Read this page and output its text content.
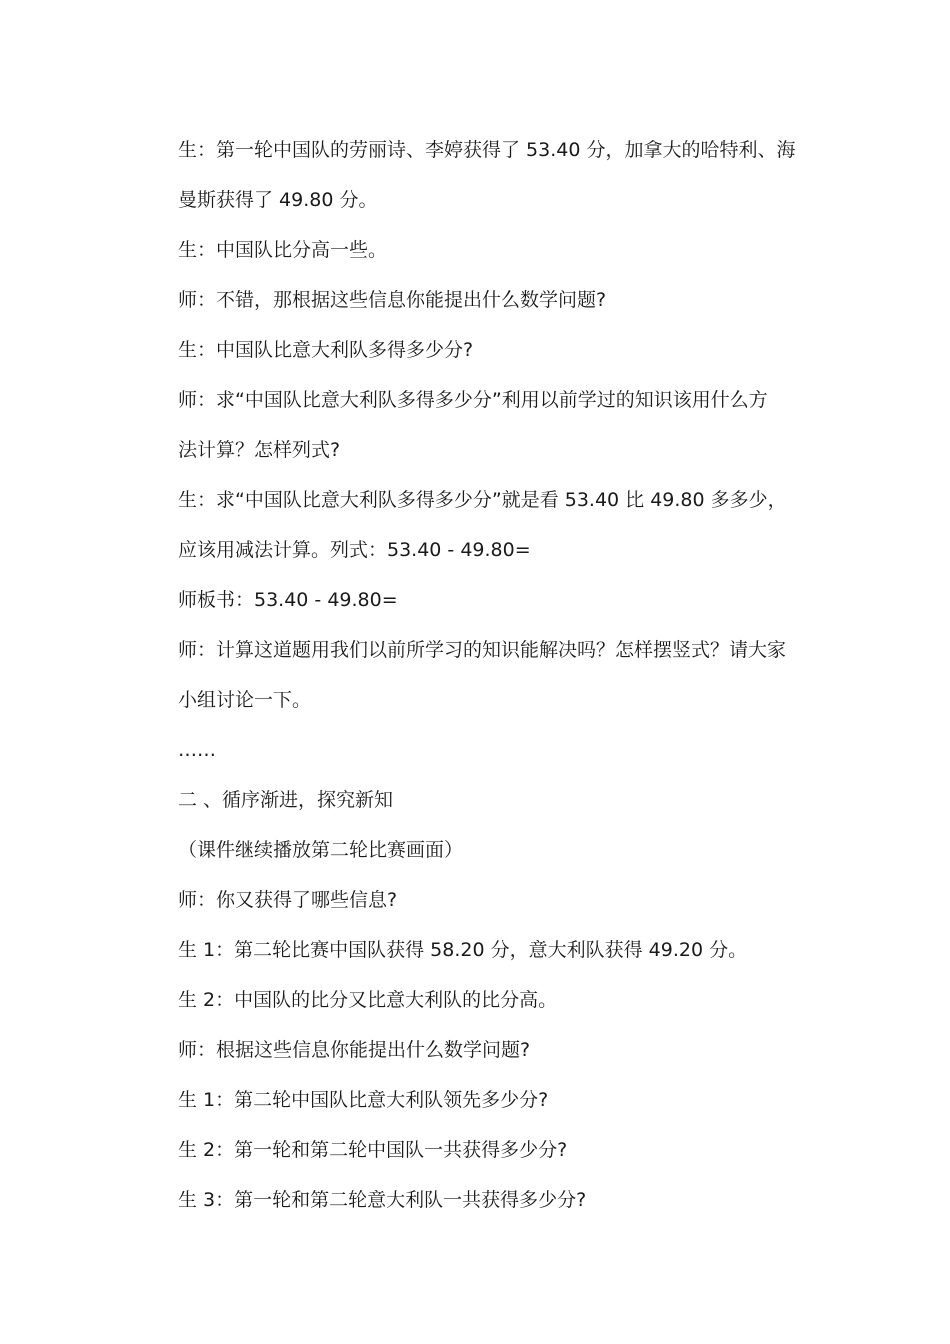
生：第一轮中国队的劳丽诗、李婷获得了 53.40 分，加拿大的哈特利、海

曼斯获得了 49.80 分。

生：中国队比分高一些。

师：不错，那根据这些信息你能提出什么数学问题?

生：中国队比意大利队多得多少分?

师：求“中国队比意大利队多得多少分”利用以前学过的知识该用什么方

法计算？怎样列式?

生：求“中国队比意大利队多得多少分”就是看 53.40 比 49.80 多多少，

应该用减法计算。列式：53.40 - 49.80=

师板书：53.40 - 49.80=

师：计算这道题用我们以前所学习的知识能解决吗？怎样摆竖式？请大家

小组讨论一下。

……

二 、循序渐进，探究新知

（课件继续播放第二轮比赛画面）

师：你又获得了哪些信息?

生 1：第二轮比赛中国队获得 58.20 分，意大利队获得 49.20 分。

生 2：中国队的比分又比意大利队的比分高。

师：根据这些信息你能提出什么数学问题?

生 1：第二轮中国队比意大利队领先多少分?

生 2：第一轮和第二轮中国队一共获得多少分?

生 3：第一轮和第二轮意大利队一共获得多少分?
